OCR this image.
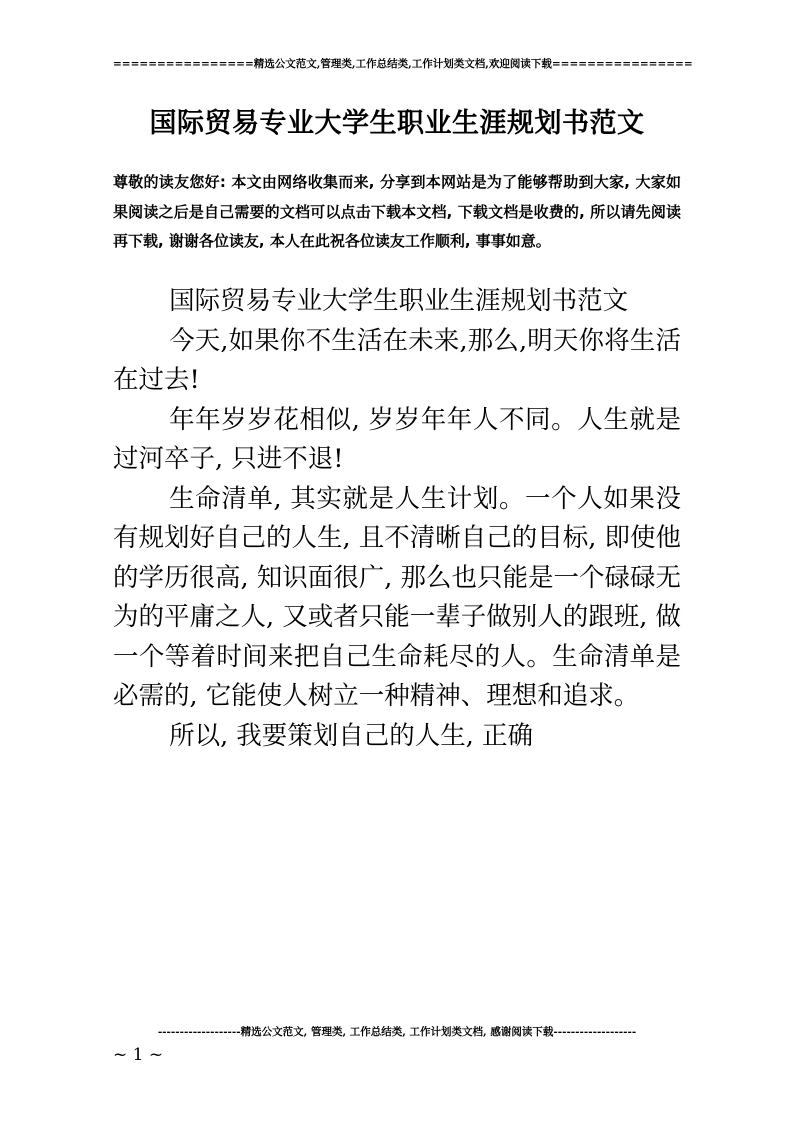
================精选公文范文,管理类,工作总结类,工作计划类文档,欢迎阅读下载================
国际贸易专业大学生职业生涯规划书范文
尊敬的读友您好: 本文由网络收集而来, 分享到本网站是为了能够帮助到大家, 大家如果阅读之后是自己需要的文档可以点击下载本文档, 下载文档是收费的, 所以请先阅读再下载, 谢谢各位读友, 本人在此祝各位读友工作顺利, 事事如意。

国际贸易专业大学生职业生涯规划书范文

今天,如果你不生活在未来,那么,明天你将生活在过去!

年年岁岁花相似, 岁岁年年人不同。人生就是过河卒子, 只进不退!

生命清单, 其实就是人生计划。一个人如果没有规划好自己的人生, 且不清晰自己的目标, 即使他的学历很高, 知识面很广, 那么也只能是一个碌碌无为的平庸之人, 又或者只能一辈子做别人的跟班, 做一个等着时间来把自己生命耗尽的人。生命清单是必需的, 它能使人树立一种精神、理想和追求。

所以, 我要策划自己的人生, 正确

-------------------精选公文范文, 管理类, 工作总结类, 工作计划类文档, 感谢阅读下载-------------------
~ 1 ~
